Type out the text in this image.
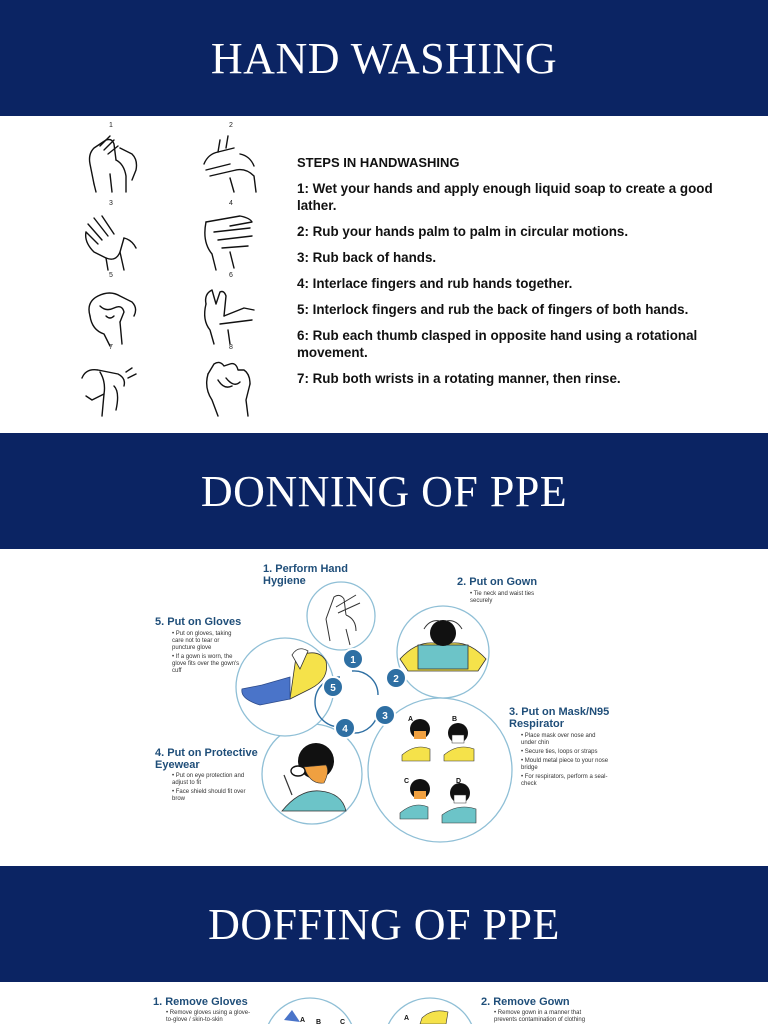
HAND WASHING
1	2
3	4
5	6
7	8
STEPS IN HANDWASHING

1: Wet your hands and apply enough liquid soap to create a good lather.

2: Rub your hands palm to palm in circular motions.

3: Rub back of hands.

4: Interlace fingers and rub hands together.

5: Interlock fingers and rub the back of fingers of both hands.

6: Rub each thumb clasped in opposite hand using a rotational movement.

7: Rub both wrists in a rotating manner, then rinse.

DONNING OF PPE
1
2
3
4
5
A	B
C	D
1. Perform Hand Hygiene	2. Put on Gown
• Tie neck and waist ties securely
3. Put on Mask/N95 Respirator
• Place mask over nose and under chin
• Secure ties, loops or straps
• Mould metal piece to your nose bridge
• For respirators, perform a seal-check
4. Put on Protective Eyewear
• Put on eye protection and adjust to fit
• Face shield should fit over brow
5. Put on Gloves
• Put on gloves, taking care not to tear or puncture glove
• If a gown is worn, the glove fits over the gown's cuff
DOFFING OF PPE
A B	C
A
1. Remove Gloves
• Remove gloves using a glove-to-glove / skin-to-skin
2. Remove Gown
• Remove gown in a manner that prevents contamination of clothing
